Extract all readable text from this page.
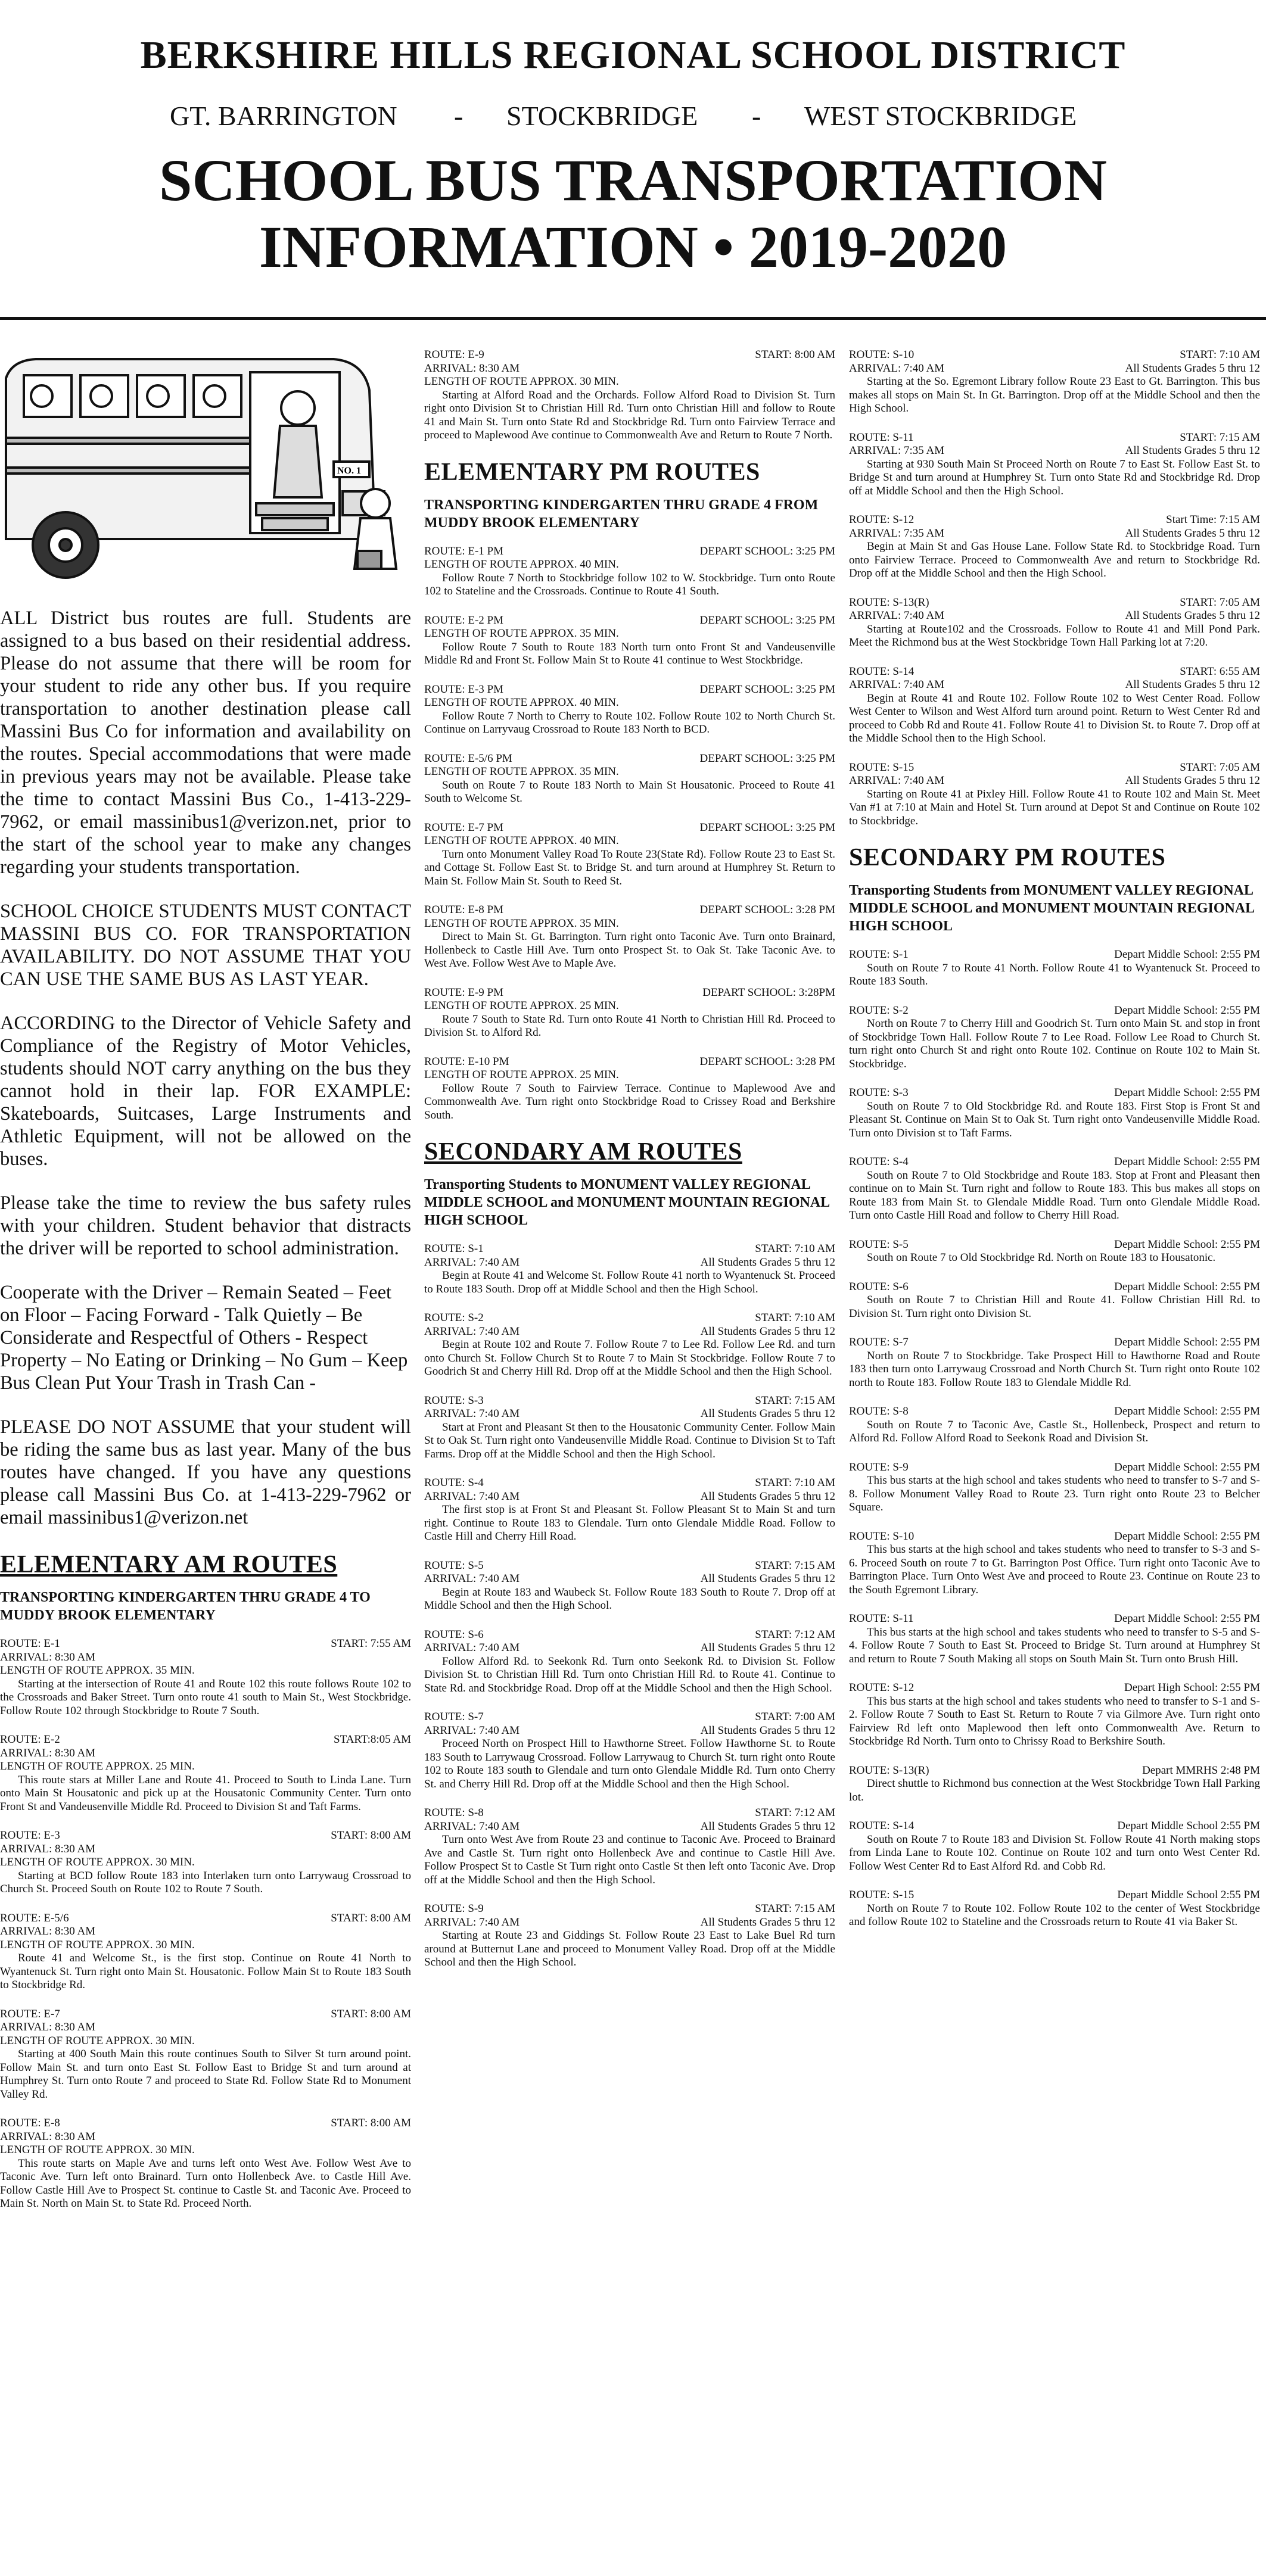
BERKSHIRE HILLS REGIONAL SCHOOL DISTRICT
GT. BARRINGTON - STOCKBRIDGE - WEST STOCKBRIDGE
SCHOOL BUS TRANSPORTATION
INFORMATION • 2019-2020
NO. 1
ALL District bus routes are full. Students are assigned to a bus based on their residential address. Please do not assume that there will be room for your student to ride any other bus. If you require transportation to another destination please call Massini Bus Co for information and availability on the routes. Special accommodations that were made in previous years may not be available. Please take the time to contact Massini Bus Co., 1-413-229-7962, or email massinibus1@verizon.net, prior to the start of the school year to make any changes regarding your students transportation.
SCHOOL CHOICE STUDENTS MUST CONTACT MASSINI BUS CO. FOR TRANSPORTATION AVAILABILITY. DO NOT ASSUME THAT YOU CAN USE THE SAME BUS AS LAST YEAR.
ACCORDING to the Director of Vehicle Safety and Compliance of the Registry of Motor Vehicles, students should NOT carry anything on the bus they cannot hold in their lap. FOR EXAMPLE: Skateboards, Suitcases, Large Instruments and Athletic Equipment, will not be allowed on the buses.
Please take the time to review the bus safety rules with your children. Student behavior that distracts the driver will be reported to school administration.
Cooperate with the Driver – Remain Seated – Feet on Floor – Facing Forward - Talk Quietly – Be Considerate and Respectful of Others - Respect Property – No Eating or Drinking – No Gum – Keep Bus Clean Put Your Trash in Trash Can -
PLEASE DO NOT ASSUME that your student will be riding the same bus as last year. Many of the bus routes have changed. If you have any questions please call Massini Bus Co. at 1-413-229-7962 or email massinibus1@verizon.net
ELEMENTARY AM ROUTES
TRANSPORTING KINDERGARTEN THRU GRADE 4 TO MUDDY BROOK ELEMENTARY
ROUTE: E-1	START: 7:55 AM
ARRIVAL: 8:30 AM
LENGTH OF ROUTE APPROX. 35 MIN.
Starting at the intersection of Route 41 and Route 102 this route follows Route 102 to the Crossroads and Baker Street. Turn onto route 41 south to Main St., West Stockbridge. Follow Route 102 through Stockbridge to Route 7 South.
ROUTE: E-2	START:8:05 AM
ARRIVAL: 8:30 AM
LENGTH OF ROUTE APPROX. 25 MIN.
This route stars at Miller Lane and Route 41. Proceed to South to Linda Lane. Turn onto Main St Housatonic and pick up at the Housatonic Community Center. Turn onto Front St and Vandeusenville Middle Rd. Proceed to Division St and Taft Farms.
ROUTE: E-3	START: 8:00 AM
ARRIVAL: 8:30 AM
LENGTH OF ROUTE APPROX. 30 MIN.
Starting at BCD follow Route 183 into Interlaken turn onto Larrywaug Crossroad to Church St. Proceed South on Route 102 to Route 7 South.
ROUTE: E-5/6	START: 8:00 AM
ARRIVAL: 8:30 AM
LENGTH OF ROUTE APPROX. 30 MIN.
Route 41 and Welcome St., is the first stop. Continue on Route 41 North to Wyantenuck St. Turn right onto Main St. Housatonic. Follow Main St to Route 183 South to Stockbridge Rd.
ROUTE: E-7	START: 8:00 AM
ARRIVAL: 8:30 AM
LENGTH OF ROUTE APPROX. 30 MIN.
Starting at 400 South Main this route continues South to Silver St turn around point. Follow Main St. and turn onto East St. Follow East to Bridge St and turn around at Humphrey St. Turn onto Route 7 and proceed to State Rd. Follow State Rd to Monument Valley Rd.
ROUTE: E-8	START: 8:00 AM
ARRIVAL: 8:30 AM
LENGTH OF ROUTE APPROX. 30 MIN.
This route starts on Maple Ave and turns left onto West Ave. Follow West Ave to Taconic Ave. Turn left onto Brainard. Turn onto Hollenbeck Ave. to Castle Hill Ave. Follow Castle Hill Ave to Prospect St. continue to Castle St. and Taconic Ave. Proceed to Main St. North on Main St. to State Rd. Proceed North.
ROUTE: E-9	START: 8:00 AM
ARRIVAL: 8:30 AM
LENGTH OF ROUTE APPROX. 30 MIN.
Starting at Alford Road and the Orchards. Follow Alford Road to Division St. Turn right onto Division St to Christian Hill Rd. Turn onto Christian Hill and follow to Route 41 and Main St. Turn onto State Rd and Stockbridge Rd. Turn onto Fairview Terrace and proceed to Maplewood Ave continue to Commonwealth Ave and Return to Route 7 North.
ELEMENTARY PM ROUTES
TRANSPORTING KINDERGARTEN THRU GRADE 4 FROM MUDDY BROOK ELEMENTARY
ROUTE: E-1 PM	DEPART SCHOOL: 3:25 PM
LENGTH OF ROUTE APPROX. 40 MIN.
Follow Route 7 North to Stockbridge follow 102 to W. Stockbridge. Turn onto Route 102 to Stateline and the Crossroads. Continue to Route 41 South.
ROUTE: E-2 PM	DEPART SCHOOL: 3:25 PM
LENGTH OF ROUTE APPROX. 35 MIN.
Follow Route 7 South to Route 183 North turn onto Front St and Vandeusenville Middle Rd and Front St. Follow Main St to Route 41 continue to West Stockbridge.
ROUTE: E-3 PM	DEPART SCHOOL: 3:25 PM
LENGTH OF ROUTE APPROX. 40 MIN.
Follow Route 7 North to Cherry to Route 102. Follow Route 102 to North Church St. Continue on Larryvaug Crossroad to Route 183 North to BCD.
ROUTE: E-5/6 PM	DEPART SCHOOL: 3:25 PM
LENGTH OF ROUTE APPROX. 35 MIN.
South on Route 7 to Route 183 North to Main St Housatonic. Proceed to Route 41 South to Welcome St.
ROUTE: E-7 PM	DEPART SCHOOL: 3:25 PM
LENGTH OF ROUTE APPROX. 40 MIN.
Turn onto Monument Valley Road To Route 23(State Rd). Follow Route 23 to East St. and Cottage St. Follow East St. to Bridge St. and turn around at Humphrey St. Return to Main St. Follow Main St. South to Reed St.
ROUTE: E-8 PM	DEPART SCHOOL: 3:28 PM
LENGTH OF ROUTE APPROX. 35 MIN.
Direct to Main St. Gt. Barrington. Turn right onto Taconic Ave. Turn onto Brainard, Hollenbeck to Castle Hill Ave. Turn onto Prospect St. to Oak St. Take Taconic Ave. to West Ave. Follow West Ave to Maple Ave.
ROUTE: E-9 PM	DEPART SCHOOL: 3:28PM
LENGTH OF ROUTE APPROX. 25 MIN.
Route 7 South to State Rd. Turn onto Route 41 North to Christian Hill Rd. Proceed to Division St. to Alford Rd.
ROUTE: E-10 PM	DEPART SCHOOL: 3:28 PM
LENGTH OF ROUTE APPROX. 25 MIN.
Follow Route 7 South to Fairview Terrace. Continue to Maplewood Ave and Commonwealth Ave. Turn right onto Stockbridge Road to Crissey Road and Berkshire South.
SECONDARY AM ROUTES
Transporting Students to MONUMENT VALLEY REGIONAL MIDDLE SCHOOL and MONUMENT MOUNTAIN REGIONAL HIGH SCHOOL
ROUTE: S-1	START: 7:10 AM
ARRIVAL: 7:40 AM	All Students Grades 5 thru 12
Begin at Route 41 and Welcome St. Follow Route 41 north to Wyantenuck St. Proceed to Route 183 South. Drop off at Middle School and then the High School.
ROUTE: S-2	START: 7:10 AM
ARRIVAL: 7:40 AM	All Students Grades 5 thru 12
Begin at Route 102 and Route 7. Follow Route 7 to Lee Rd. Follow Lee Rd. and turn onto Church St. Follow Church St to Route 7 to Main St Stockbridge. Follow Route 7 to Goodrich St and Cherry Hill Rd. Drop off at the Middle School and then the High School.
ROUTE: S-3	START: 7:15 AM
ARRIVAL: 7:40 AM	All Students Grades 5 thru 12
Start at Front and Pleasant St then to the Housatonic Community Center. Follow Main St to Oak St. Turn right onto Vandeusenville Middle Road. Continue to Division St to Taft Farms. Drop off at the Middle School and then the High School.
ROUTE: S-4	START: 7:10 AM
ARRIVAL: 7:40 AM	All Students Grades 5 thru 12
The first stop is at Front St and Pleasant St. Follow Pleasant St to Main St and turn right. Continue to Route 183 to Glendale. Turn onto Glendale Middle Road. Follow to Castle Hill and Cherry Hill Road.
ROUTE: S-5	START: 7:15 AM
ARRIVAL: 7:40 AM	All Students Grades 5 thru 12
Begin at Route 183 and Waubeck St. Follow Route 183 South to Route 7. Drop off at Middle School and then the High School.
ROUTE: S-6	START: 7:12 AM
ARRIVAL: 7:40 AM	All Students Grades 5 thru 12
Follow Alford Rd. to Seekonk Rd. Turn onto Seekonk Rd. to Division St. Follow Division St. to Christian Hill Rd. Turn onto Christian Hill Rd. to Route 41. Continue to State Rd. and Stockbridge Road. Drop off at the Middle School and then the High School.
ROUTE: S-7	START: 7:00 AM
ARRIVAL: 7:40 AM	All Students Grades 5 thru 12
Proceed North on Prospect Hill to Hawthorne Street. Follow Hawthorne St. to Route 183 South to Larrywaug Crossroad. Follow Larrywaug to Church St. turn right onto Route 102 to Route 183 south to Glendale and turn onto Glendale Middle Rd. Turn onto Cherry St. and Cherry Hill Rd. Drop off at the Middle School and then the High School.
ROUTE: S-8	START: 7:12 AM
ARRIVAL: 7:40 AM	All Students Grades 5 thru 12
Turn onto West Ave from Route 23 and continue to Taconic Ave. Proceed to Brainard Ave and Castle St. Turn right onto Hollenbeck Ave and continue to Castle Hill Ave. Follow Prospect St to Castle St Turn right onto Castle St then left onto Taconic Ave. Drop off at the Middle School and then the High School.
ROUTE: S-9	START: 7:15 AM
ARRIVAL: 7:40 AM	All Students Grades 5 thru 12
Starting at Route 23 and Giddings St. Follow Route 23 East to Lake Buel Rd turn around at Butternut Lane and proceed to Monument Valley Road. Drop off at the Middle School and then the High School.
ROUTE: S-10	START: 7:10 AM
ARRIVAL: 7:40 AM	All Students Grades 5 thru 12
Starting at the So. Egremont Library follow Route 23 East to Gt. Barrington. This bus makes all stops on Main St. In Gt. Barrington. Drop off at the Middle School and then the High School.
ROUTE: S-11	START: 7:15 AM
ARRIVAL: 7:35 AM	All Students Grades 5 thru 12
Starting at 930 South Main St Proceed North on Route 7 to East St. Follow East St. to Bridge St and turn around at Humphrey St. Turn onto State Rd and Stockbridge Rd. Drop off at Middle School and then the High School.
ROUTE: S-12	Start Time: 7:15 AM
ARRIVAL: 7:35 AM	All Students Grades 5 thru 12
Begin at Main St and Gas House Lane. Follow State Rd. to Stockbridge Road. Turn onto Fairview Terrace. Proceed to Commonwealth Ave and return to Stockbridge Rd. Drop off at the Middle School and then the High School.
ROUTE: S-13(R)	START: 7:05 AM
ARRIVAL: 7:40 AM	All Students Grades 5 thru 12
Starting at Route102 and the Crossroads. Follow to Route 41 and Mill Pond Park. Meet the Richmond bus at the West Stockbridge Town Hall Parking lot at 7:20.
ROUTE: S-14	START: 6:55 AM
ARRIVAL: 7:40 AM	All Students Grades 5 thru 12
Begin at Route 41 and Route 102. Follow Route 102 to West Center Road. Follow West Center to Wilson and West Alford turn around point. Return to West Center Rd and proceed to Cobb Rd and Route 41. Follow Route 41 to Division St. to Route 7. Drop off at the Middle School then to the High School.
ROUTE: S-15	START: 7:05 AM
ARRIVAL: 7:40 AM	All Students Grades 5 thru 12
Starting on Route 41 at Pixley Hill. Follow Route 41 to Route 102 and Main St. Meet Van #1 at 7:10 at Main and Hotel St. Turn around at Depot St and Continue on Route 102 to Stockbridge.
SECONDARY PM ROUTES
Transporting Students from MONUMENT VALLEY REGIONAL MIDDLE SCHOOL and MONUMENT MOUNTAIN REGIONAL HIGH SCHOOL
ROUTE: S-1	Depart Middle School: 2:55 PM
South on Route 7 to Route 41 North. Follow Route 41 to Wyantenuck St. Proceed to Route 183 South.
ROUTE: S-2	Depart Middle School: 2:55 PM
North on Route 7 to Cherry Hill and Goodrich St. Turn onto Main St. and stop in front of Stockbridge Town Hall. Follow Route 7 to Lee Road. Follow Lee Road to Church St. turn right onto Church St and right onto Route 102. Continue on Route 102 to Main St. Stockbridge.
ROUTE: S-3	Depart Middle School: 2:55 PM
South on Route 7 to Old Stockbridge Rd. and Route 183. First Stop is Front St and Pleasant St. Continue on Main St to Oak St. Turn right onto Vandeusenville Middle Road. Turn onto Division st to Taft Farms.
ROUTE: S-4	Depart Middle School: 2:55 PM
South on Route 7 to Old Stockbridge and Route 183. Stop at Front and Pleasant then continue on to Main St. Turn right and follow to Route 183. This bus makes all stops on Route 183 from Main St. to Glendale Middle Road. Turn onto Glendale Middle Road. Turn onto Castle Hill Road and follow to Cherry Hill Road.
ROUTE: S-5	Depart Middle School: 2:55 PM
South on Route 7 to Old Stockbridge Rd. North on Route 183 to Housatonic.
ROUTE: S-6	Depart Middle School: 2:55 PM
South on Route 7 to Christian Hill and Route 41. Follow Christian Hill Rd. to Division St. Turn right onto Division St.
ROUTE: S-7	Depart Middle School: 2:55 PM
North on Route 7 to Stockbridge. Take Prospect Hill to Hawthorne Road and Route 183 then turn onto Larrywaug Crossroad and North Church St. Turn right onto Route 102 north to Route 183. Follow Route 183 to Glendale Middle Rd.
ROUTE: S-8	Depart Middle School: 2:55 PM
South on Route 7 to Taconic Ave, Castle St., Hollenbeck, Prospect and return to Alford Rd. Follow Alford Road to Seekonk Road and Division St.
ROUTE: S-9	Depart Middle School: 2:55 PM
This bus starts at the high school and takes students who need to transfer to S-7 and S-8. Follow Monument Valley Road to Route 23. Turn right onto Route 23 to Belcher Square.
ROUTE: S-10	Depart Middle School: 2:55 PM
This bus starts at the high school and takes students who need to transfer to S-3 and S-6. Proceed South on route 7 to Gt. Barrington Post Office. Turn right onto Taconic Ave to Barrington Place. Turn Onto West Ave and proceed to Route 23. Continue on Route 23 to the South Egremont Library.
ROUTE: S-11	Depart Middle School: 2:55 PM
This bus starts at the high school and takes students who need to transfer to S-5 and S-4. Follow Route 7 South to East St. Proceed to Bridge St. Turn around at Humphrey St and return to Route 7 South Making all stops on South Main St. Turn onto Brush Hill.
ROUTE: S-12	Depart High School: 2:55 PM
This bus starts at the high school and takes students who need to transfer to S-1 and S-2. Follow Route 7 South to East St. Return to Route 7 via Gilmore Ave. Turn right onto Fairview Rd left onto Maplewood then left onto Commonwealth Ave. Return to Stockbridge Rd North. Turn onto to Chrissy Road to Berkshire South.
ROUTE: S-13(R)	Depart MMRHS 2:48 PM
Direct shuttle to Richmond bus connection at the West Stockbridge Town Hall Parking lot.
ROUTE: S-14	Depart Middle School 2:55 PM
South on Route 7 to Route 183 and Division St. Follow Route 41 North making stops from Linda Lane to Route 102. Continue on Route 102 and turn onto West Center Rd. Follow West Center Rd to East Alford Rd. and Cobb Rd.
ROUTE: S-15	Depart Middle School 2:55 PM
North on Route 7 to Route 102. Follow Route 102 to the center of West Stockbridge and follow Route 102 to Stateline and the Crossroads return to Route 41 via Baker St.
